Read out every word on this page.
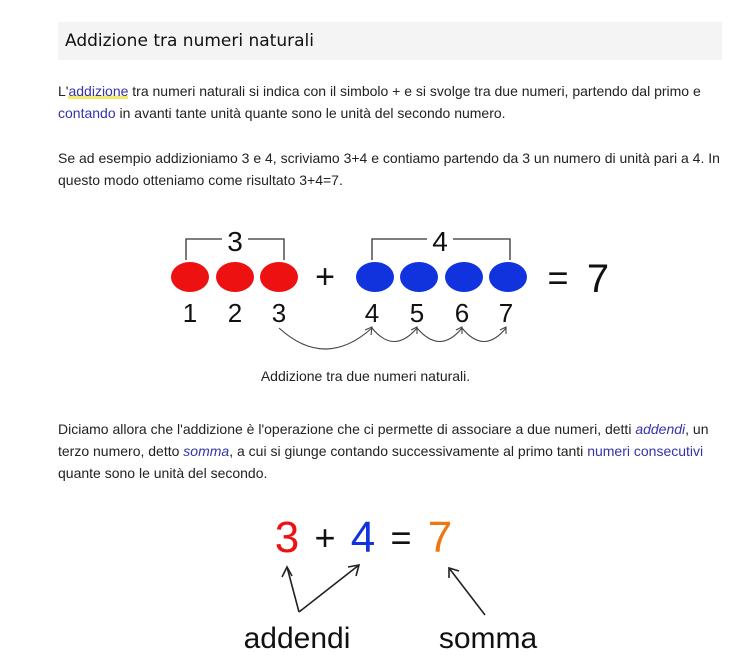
Addizione tra numeri naturali

L'addizione tra numeri naturali si indica con il simbolo + e si svolge tra due numeri, partendo dal primo e contando in avanti tante unità quante sono le unità del secondo numero.

Se ad esempio addizioniamo 3 e 4, scriviamo 3+4 e contiamo partendo da 3 un numero di unità pari a 4. In questo modo otteniamo come risultato 3+4=7.

3	4
+	= 7
1 2 3	4 5 6 7
Addizione tra due numeri naturali.

Diciamo allora che l'addizione è l'operazione che ci permette di associare a due numeri, detti addendi, un terzo numero, detto somma, a cui si giunge contando successivamente al primo tanti numeri consecutivi quante sono le unità del secondo.

3 + 4 = 7
addendi	somma
